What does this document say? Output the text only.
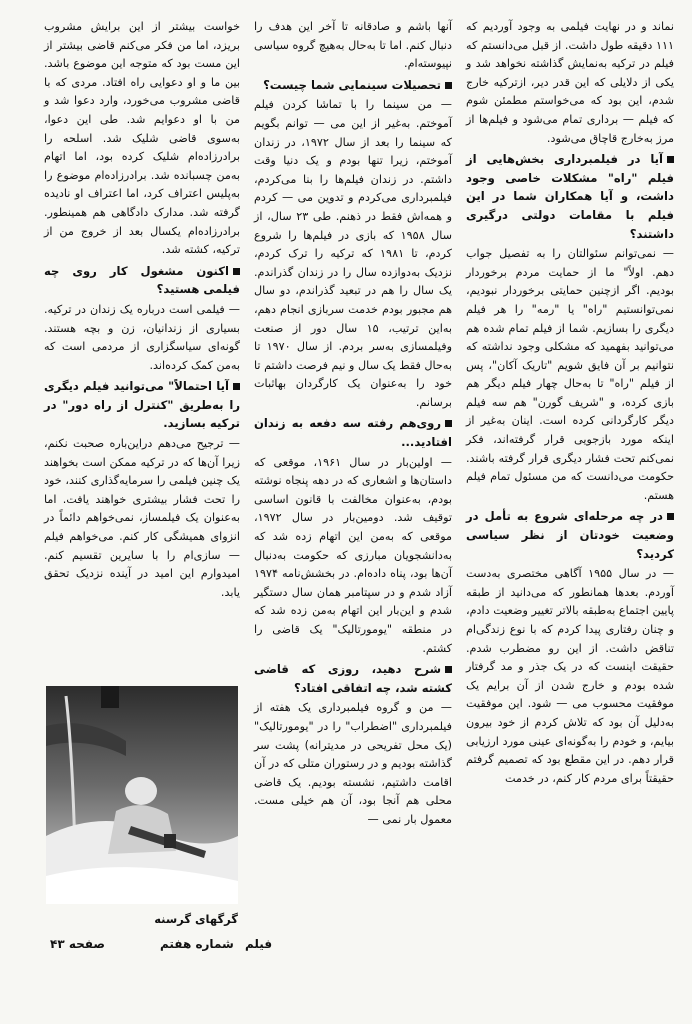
نماند و در نهایت فیلمی به وجود آوردیم که ۱۱۱ دقیقه طول داشت. از قبل می‌دانستم که فیلم در ترکیه به‌نمایش گذاشته نخواهد شد و یکی از دلایلی که این قدر دیر، ازترکیه خارج شدم، این بود که می‌خواستم مطمئن شوم که فیلم — برداری تمام می‌شود و فیلم‌ها از مرز به‌خارج قاچاق می‌شود.

آیا در فیلمبرداری بخش‌هایی از فیلم "راه" مشکلات خاصی وجود داشت، و آیا همکاران شما در این فیلم با مقامات دولتی درگیری داشتند؟

— نمی‌توانم سئوالتان را به تفصیل جواب دهم. اولاً" ما از حمایت مردم برخوردار بودیم. اگر ازچنین حمایتی برخوردار نبودیم، نمی‌توانستیم "راه" یا "رمه" را هر فیلم دیگری را بسازیم. شما از فیلم تمام شده هم می‌توانید بفهمید که مشکلی وجود نداشته که نتوانیم بر آن فایق شویم "تاریک آکان"، پس از فیلم "راه" تا به‌حال چهار فیلم دیگر هم بازی کرده، و "شریف گورن" هم سه فیلم دیگر کارگردانی کرده است. اینان به‌غیر از اینکه مورد بازجویی قرار گرفته‌اند، فکر نمی‌کنم تحت فشار دیگری قرار گرفته باشند. حکومت می‌دانست که من مسئول تمام فیلم هستم.

در چه مرحله‌ای شروع به تأمل در وضعیت خودتان از نظر سیاسی کردید؟

— در سال ۱۹۵۵ آگاهی مختصری به‌دست آوردم. بعدها همانطور که می‌دانید از طبقه پایین اجتماع به‌طبقه بالاتر تغییر وضعیت دادم، و چنان رفتاری پیدا کردم که با نوع زندگی‌ام تناقض داشت. از این رو مضطرب شدم. حقیقت اینست که در یک جذر و مد گرفتار شده بودم و خارج شدن از آن برایم یک موفقیت محسوب می — شود. این موفقیت به‌دلیل آن بود که تلاش کردم از خود بیرون بیایم، و خودم را به‌گونه‌ای عینی مورد ارزیابی قرار دهم. در این مقطع بود که تصمیم گرفتم حقیقتاً برای مردم کار کنم، در خدمت

آنها باشم و صادقانه تا آخر این هدف را دنبال کنم. اما تا به‌حال به‌هیچ گروه سیاسی نپیوسته‌ام.

تحصیلات سینمایی شما چیست؟

— من سینما را با تماشا کردن فیلم آموختم. به‌غیر از این می — توانم بگویم که سینما را بعد از سال ۱۹۷۲، در زندان آموختم، زیرا تنها بودم و یک دنیا وقت داشتم. در زندان فیلم‌ها را بنا می‌کردم، فیلمبرداری می‌کردم و تدوین می — کردم و همه‌اش فقط در ذهنم. طی ۲۳ سال، از سال ۱۹۵۸ که بازی در فیلم‌ها را شروع کردم، تا ۱۹۸۱ که ترکیه را ترک کردم، نزدیک به‌دوازده سال را در زندان گذراندم. یک سال را هم در تبعید گذراندم، دو سال هم مجبور بودم خدمت سربازی انجام دهم، به‌این ترتیب، ۱۵ سال دور از صنعت وفیلمسازی به‌سر بردم. از سال ۱۹۷۰ تا به‌حال فقط یک سال و نیم فرصت داشتم تا خود را به‌عنوان یک کارگردان بهاثبات برسانم.

روی‌هم رفته سه دفعه به زندان افتادید...

— اولین‌بار در سال ۱۹۶۱، موقعی که داستان‌ها و اشعاری که در دهه پنجاه نوشته بودم، به‌عنوان مخالفت با قانون اساسی توقیف شد. دومین‌بار در سال ۱۹۷۲، موقعی که به‌من این اتهام زده شد که به‌دانشجویان مبارزی که حکومت به‌دنبال آن‌ها بود، پناه داده‌ام. در بخشش‌نامه ۱۹۷۴ آزاد شدم و در سپتامبر همان سال دستگیر شدم و این‌بار این اتهام به‌من زده شد که در منطقه "یومورتالیک" یک قاضی را کشتم.

شرح دهید، روزی که قاضی کشته شد، چه اتفاقی افتاد؟

— من و گروه فیلمبرداری یک هفته از فیلمبرداری "اضطراب" را در "یومورتالیک" (یک محل تفریحی در مدیترانه) پشت سر گذاشته بودیم و در رستوران متلی که در آن اقامت داشتیم، نشسته بودیم. یک قاضی محلی هم آنجا بود، آن هم خیلی مست. معمول بار نمی —

خواست بیشتر از این برایش مشروب بریزد، اما من فکر می‌کنم قاضی بیشتر از این مست بود که متوجه این موضوع باشد. بین ما و او دعوایی راه افتاد. مردی که با قاضی مشروب می‌خورد، وارد دعوا شد و من با او دعوایم شد. طی این دعوا، به‌سوی قاضی شلیک شد. اسلحه را برادرزاده‌ام شلیک کرده بود، اما اتهام به‌من چسبانده شد. برادرزاده‌ام موضوع را به‌پلیس اعتراف کرد، اما اعتراف او نادیده گرفته شد. مدارک دادگاهی هم همینطور. برادرزاده‌ام یکسال بعد از خروج من از ترکیه، کشته شد.

اکنون مشغول کار روی چه فیلمی هستید؟

— فیلمی است درباره یک زندان در ترکیه. بسیاری از زندانیان، زن و بچه هستند. گونه‌ای سیاسگزاری از مردمی است که به‌من کمک کرده‌اند.

آیا احتمالاً" می‌توانید فیلم دیگری را به‌طریق "کنترل از راه دور" در ترکیه بسازید.

— ترجیح می‌دهم دراین‌باره صحبت نکنم، زیرا آن‌ها که در ترکیه ممکن است بخواهند یک چنین فیلمی را سرمایه‌گذاری کنند، خود را تحت فشار بیشتری خواهند یافت. اما به‌عنوان یک فیلمساز، نمی‌خواهم دائماً در انزوای همیشگی کار کنم. می‌خواهم فیلم — سازی‌ام را با سایرین تقسیم کنم. امیدوارم این امید در آینده نزدیک تحقق یابد.

گرگهای گرسنه
فیلم
شماره هفتم
صفحه ۴۳
